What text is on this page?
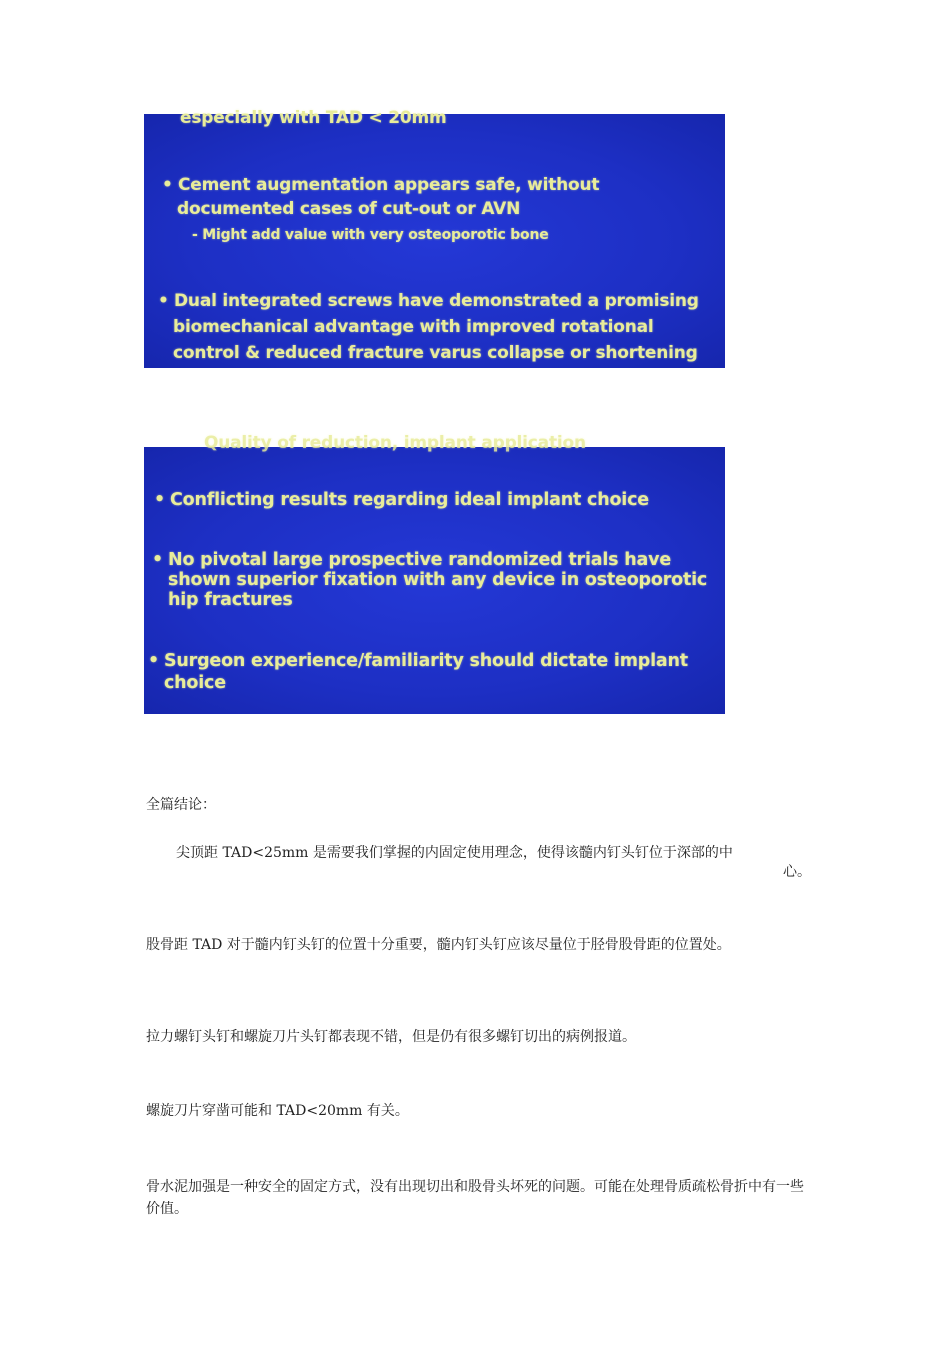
especially with TAD < 20mm
• Cement augmentation appears safe, without
documented cases of cut-out or AVN
- Might add value with very osteoporotic bone
• Dual integrated screws have demonstrated a promising
biomechanical advantage with improved rotational
control & reduced fracture varus collapse or shortening
Quality of reduction, implant application
• Conflicting results regarding ideal implant choice
• No pivotal large prospective randomized trials have
shown superior fixation with any device in osteoporotic
hip fractures
• Surgeon experience/familiarity should dictate implant
choice
全篇结论：
尖顶距 TAD<25mm 是需要我们掌握的内固定使用理念，使得该髓内钉头钉位于深部的中
心。
股骨距 TAD 对于髓内钉头钉的位置十分重要，髓内钉头钉应该尽量位于胫骨股骨距的位置处。
拉力螺钉头钉和螺旋刀片头钉都表现不错，但是仍有很多螺钉切出的病例报道。
螺旋刀片穿凿可能和 TAD<20mm 有关。
骨水泥加强是一种安全的固定方式，没有出现切出和股骨头坏死的问题。可能在处理骨质疏松骨折中有一些价值。
